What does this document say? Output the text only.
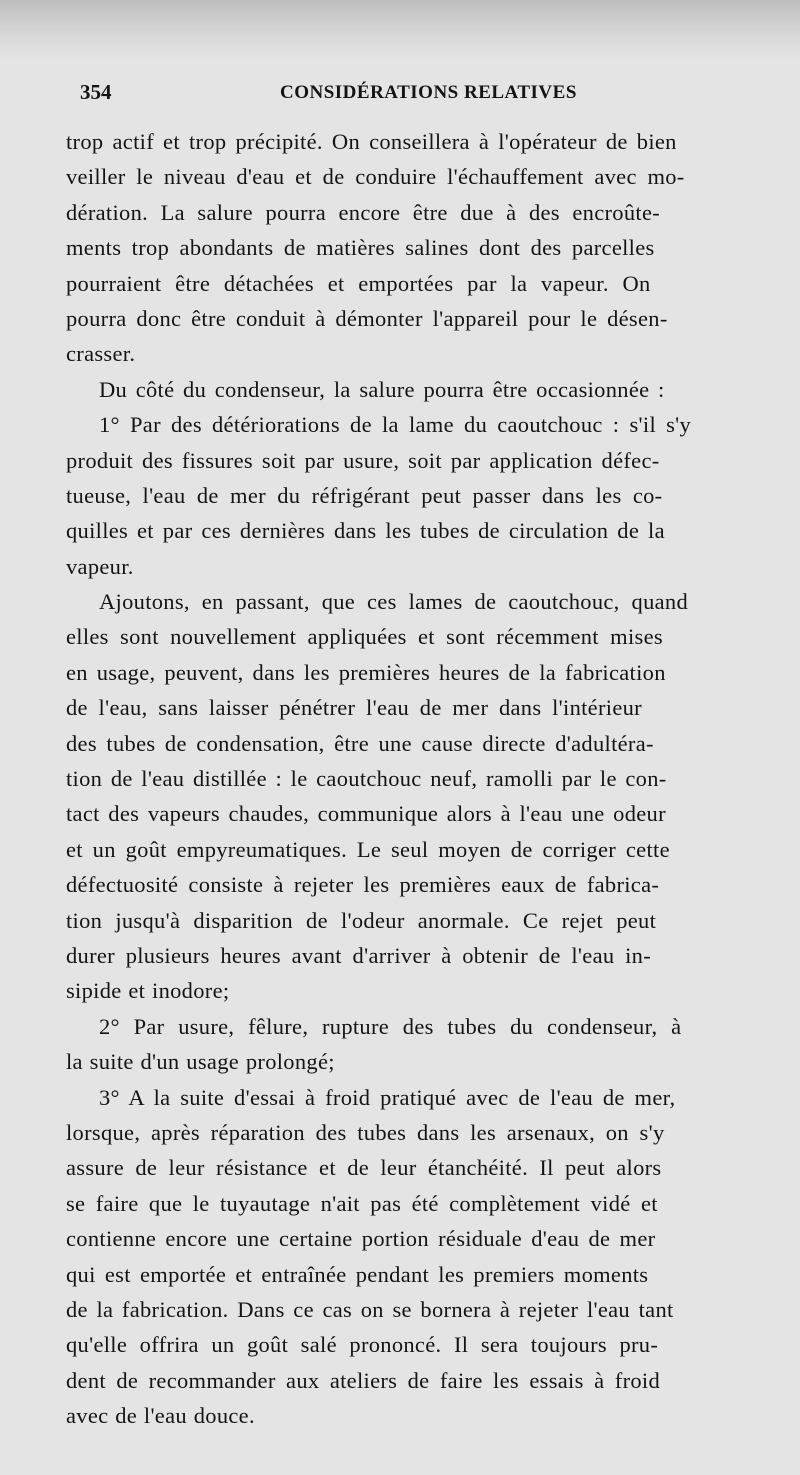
354	CONSIDÉRATIONS RELATIVES
trop actif et trop précipité. On conseillera à l'opérateur de bien
veiller le niveau d'eau et de conduire l'échauffement avec mo-
dération. La salure pourra encore être due à des encroûte-
ments trop abondants de matières salines dont des parcelles
pourraient être détachées et emportées par la vapeur. On
pourra donc être conduit à démonter l'appareil pour le désen-
crasser.
Du côté du condenseur, la salure pourra être occasionnée :
1° Par des détériorations de la lame du caoutchouc : s'il s'y
produit des fissures soit par usure, soit par application défec-
tueuse, l'eau de mer du réfrigérant peut passer dans les co-
quilles et par ces dernières dans les tubes de circulation de la
vapeur.
Ajoutons, en passant, que ces lames de caoutchouc, quand
elles sont nouvellement appliquées et sont récemment mises
en usage, peuvent, dans les premières heures de la fabrication
de l'eau, sans laisser pénétrer l'eau de mer dans l'intérieur
des tubes de condensation, être une cause directe d'adultéra-
tion de l'eau distillée : le caoutchouc neuf, ramolli par le con-
tact des vapeurs chaudes, communique alors à l'eau une odeur
et un goût empyreumatiques. Le seul moyen de corriger cette
défectuosité consiste à rejeter les premières eaux de fabrica-
tion jusqu'à disparition de l'odeur anormale. Ce rejet peut
durer plusieurs heures avant d'arriver à obtenir de l'eau in-
sipide et inodore;
2° Par usure, fêlure, rupture des tubes du condenseur, à
la suite d'un usage prolongé;
3° A la suite d'essai à froid pratiqué avec de l'eau de mer,
lorsque, après réparation des tubes dans les arsenaux, on s'y
assure de leur résistance et de leur étanchéité. Il peut alors
se faire que le tuyautage n'ait pas été complètement vidé et
contienne encore une certaine portion résiduale d'eau de mer
qui est emportée et entraînée pendant les premiers moments
de la fabrication. Dans ce cas on se bornera à rejeter l'eau tant
qu'elle offrira un goût salé prononcé. Il sera toujours pru-
dent de recommander aux ateliers de faire les essais à froid
avec de l'eau douce.
